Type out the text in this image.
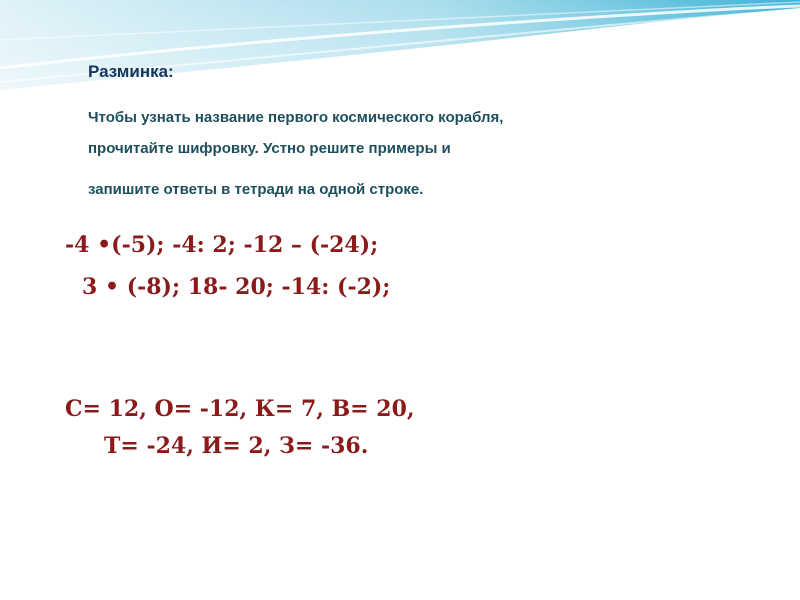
Разминка:
Чтобы узнать название первого космического корабля,
прочитайте шифровку. Устно решите примеры и
запишите ответы в тетради на одной строке.
-4 •(-5); -4: 2; -12 – (-24);
3 • (-8); 18- 20; -14: (-2);
С= 12, О= -12, К= 7, В= 20,
Т= -24, И= 2, З= -36.
